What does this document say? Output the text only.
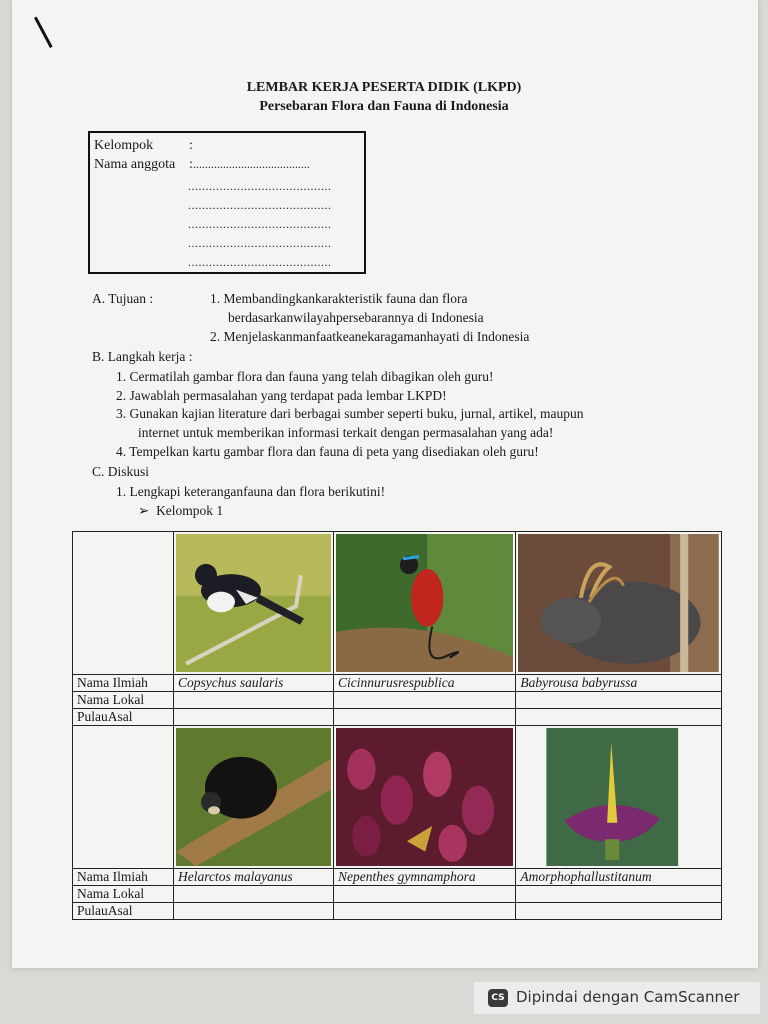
LEMBAR KERJA PESERTA DIDIK (LKPD)
Persebaran Flora dan Fauna di Indonesia
Kelompok	:
Nama anggota :.......................................
.........................................
.........................................
.........................................
.........................................
.........................................
A. Tujuan :	1. Membandingkankarakteristik fauna dan flora
berdasarkanwilayahpersebarannya di Indonesia
2. Menjelaskanmanfaatkeanekaragamanhayati di Indonesia
B. Langkah kerja :
1. Cermatilah gambar flora dan fauna yang telah dibagikan oleh guru!
2. Jawablah permasalahan yang terdapat pada lembar LKPD!
3. Gunakan kajian literature dari berbagai sumber seperti buku, jurnal, artikel, maupun
internet untuk memberikan informasi terkait dengan permasalahan yang ada!
4. Tempelkan kartu gambar flora dan fauna di peta yang disediakan oleh guru!
C. Diskusi
1. Lengkapi keteranganfauna dan flora berikutini!
➢ Kelompok 1

Nama Ilmiah	Copsychus saularis	Cicinnurusrespublica	Babyrousa babyrussa
Nama Lokal			
PulauAsal			

Nama Ilmiah	Helarctos malayanus	Nepenthes gymnamphora	Amorphophallustitanum
Nama Lokal			
PulauAsal			
CS Dipindai dengan CamScanner
